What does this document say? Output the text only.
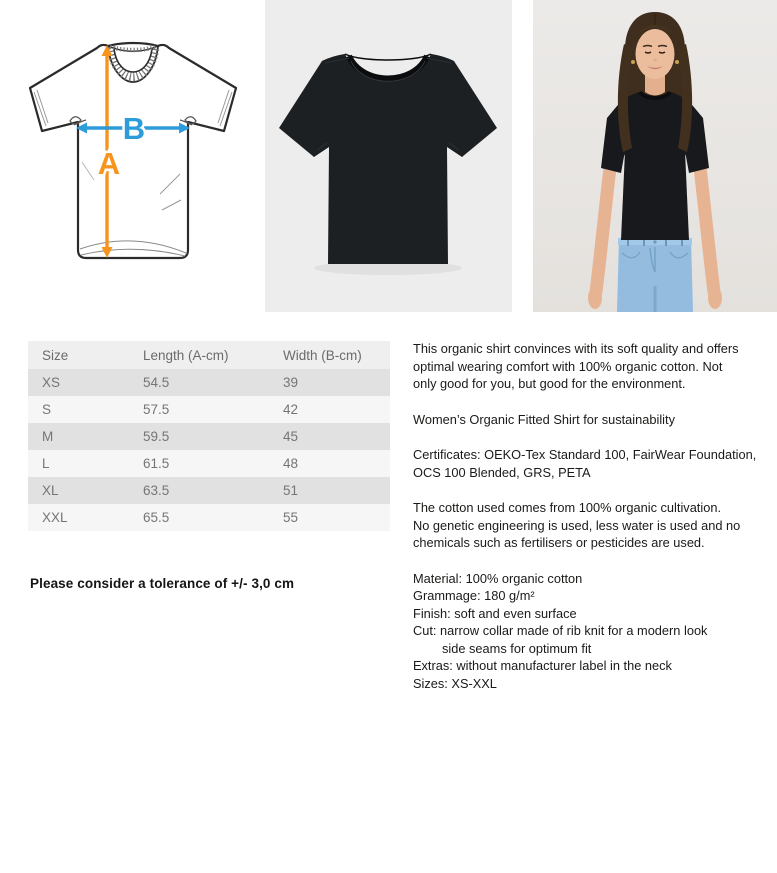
A
B
Size	Length (A-cm)	Width (B-cm)
XS	54.5	39
S	57.5	42
M	59.5	45
L	61.5	48
XL	63.5	51
XXL	65.5	55
Please consider a tolerance of +/- 3,0 cm
This organic shirt convinces with its soft quality and offers
optimal wearing comfort with 100% organic cotton. Not
only good for you, but good for the environment.
Women’s Organic Fitted Shirt for sustainability
Certificates: OEKO-Tex Standard 100, FairWear Foundation,
OCS 100 Blended, GRS, PETA
The cotton used comes from 100% organic cultivation.
No genetic engineering is used, less water is used and no
chemicals such as fertilisers or pesticides are used.
Material: 100% organic cotton
Grammage: 180 g/m²
Finish: soft and even surface
Cut: narrow collar made of rib knit for a modern look
side seams for optimum fit
Extras: without manufacturer label in the neck
Sizes: XS-XXL
